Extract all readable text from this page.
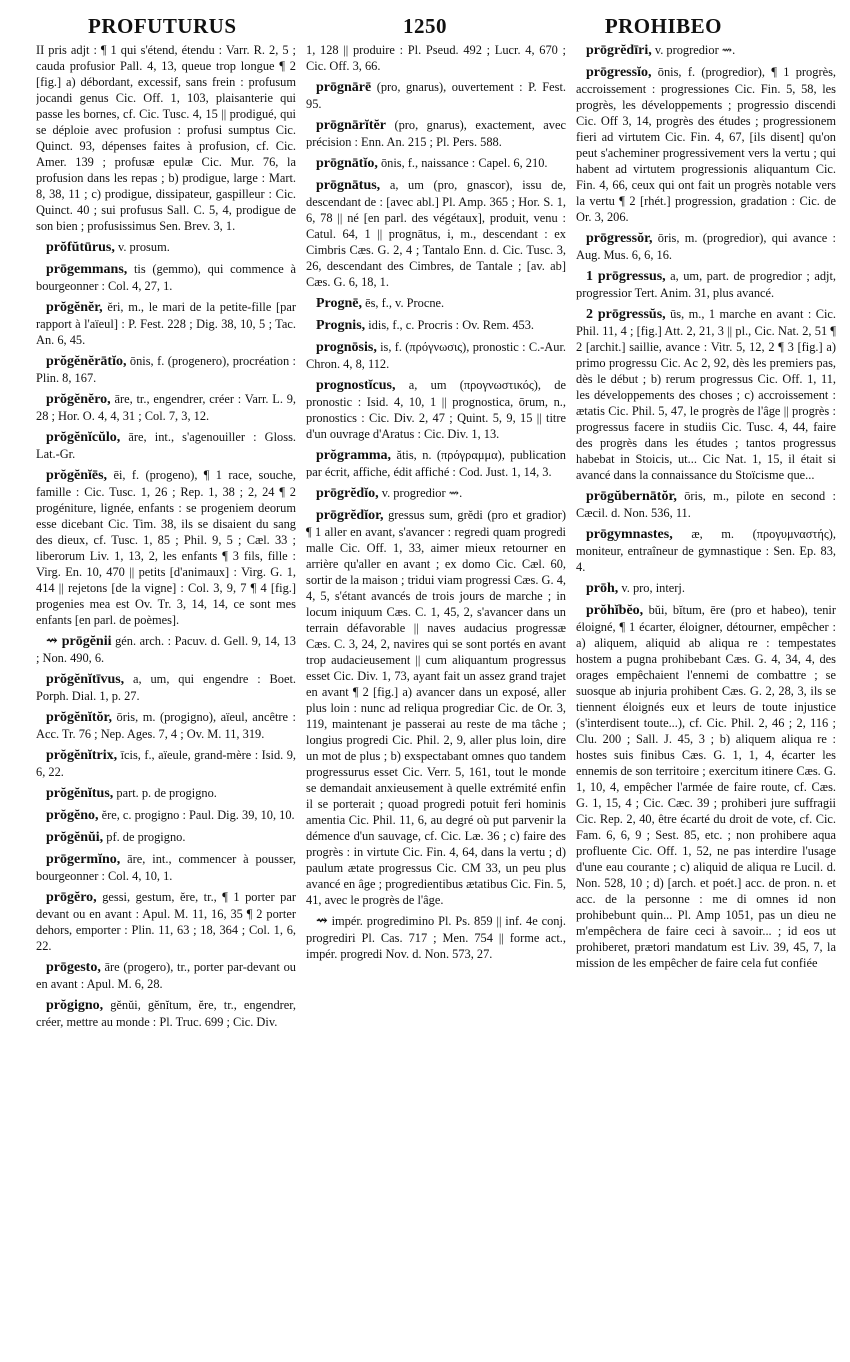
PROFUTURUS	1250	PROHIBEO

II pris adjt : ¶ 1 qui s'étend, étendu : Varr. R. 2, 5 ; cauda profusior Pall. 4, 13, queue trop longue ¶ 2 [fig.] a) débordant, excessif, sans frein : profusum jocandi genus Cic. Off. 1, 103, plaisanterie qui passe les bornes, cf. Cic. Tusc. 4, 15 || prodigué, qui se déploie avec profusion : profusi sumptus Cic. Quinct. 93, dépenses faites à profusion, cf. Cic. Amer. 139 ; profusæ epulæ Cic. Mur. 76, la profusion dans les repas ; b) prodigue, large : Mart. 8, 38, 11 ; c) prodigue, dissipateur, gaspilleur : Cic. Quinct. 40 ; sui profusus Sall. C. 5, 4, prodigue de son bien ; profusissimus Sen. Brev. 3, 1.

prŏfŭtūrus, v. prosum.

prōgemmans, tis (gemmo), qui commence à bourgeonner : Col. 4, 27, 1.

prŏgĕnĕr, ĕri, m., le mari de la petite-fille [par rapport à l'aïeul] : P. Fest. 228 ; Dig. 38, 10, 5 ; Tac. An. 6, 45.

prŏgĕnĕrātĭo, ōnis, f. (progenero), procréation : Plin. 8, 167.

prŏgĕnĕro, āre, tr., engendrer, créer : Varr. L. 9, 28 ; Hor. O. 4, 4, 31 ; Col. 7, 3, 12.

prŏgĕnĭcŭlo, āre, int., s'agenouiller : Gloss. Lat.-Gr.

prŏgĕnĭēs, ēi, f. (progeno), ¶ 1 race, souche, famille : Cic. Tusc. 1, 26 ; Rep. 1, 38 ; 2, 24 ¶ 2 progéniture, lignée, enfants : se progeniem deorum esse dicebant Cic. Tim. 38, ils se disaient du sang des dieux, cf. Tusc. 1, 85 ; Phil. 9, 5 ; Cæl. 33 ; liberorum Liv. 1, 13, 2, les enfants ¶ 3 fils, fille : Virg. En. 10, 470 || petits [d'animaux] : Virg. G. 1, 414 || rejetons [de la vigne] : Col. 3, 9, 7 ¶ 4 [fig.] progenies mea est Ov. Tr. 3, 14, 14, ce sont mes enfants [en parl. de poèmes].

⇝ prōgĕnii gén. arch. : Pacuv. d. Gell. 9, 14, 13 ; Non. 490, 6.

prŏgĕnĭtīvus, a, um, qui engendre : Boet. Porph. Dial. 1, p. 27.

prŏgĕnĭtŏr, ōris, m. (progigno), aïeul, ancêtre : Acc. Tr. 76 ; Nep. Ages. 7, 4 ; Ov. M. 11, 319.

prŏgĕnĭtrix, īcis, f., aïeule, grand-mère : Isid. 9, 6, 22.

prŏgĕnĭtus, part. p. de progigno.

prŏgĕno, ĕre, c. progigno : Paul. Dig. 39, 10, 10.

prŏgĕnŭi, pf. de progigno.

prōgermĭno, āre, int., commencer à pousser, bourgeonner : Col. 4, 10, 1.

prōgĕro, gessi, gestum, ĕre, tr., ¶ 1 porter par devant ou en avant : Apul. M. 11, 16, 35 ¶ 2 porter dehors, emporter : Plin. 11, 63 ; 18, 364 ; Col. 1, 6, 22.

prōgesto, āre (progero), tr., porter par-devant ou en avant : Apul. M. 6, 28.

prŏgigno, gĕnŭi, gĕnĭtum, ĕre, tr., engendrer, créer, mettre au monde : Pl. Truc. 699 ; Cic. Div.

1, 128 || produire : Pl. Pseud. 492 ; Lucr. 4, 670 ; Cic. Off. 3, 66.

prōgnārē (pro, gnarus), ouvertement : P. Fest. 95.

prōgnārĭtĕr (pro, gnarus), exactement, avec précision : Enn. An. 215 ; Pl. Pers. 588.

prōgnātĭo, ōnis, f., naissance : Capel. 6, 210.

prōgnātus, a, um (pro, gnascor), issu de, descendant de : [avec abl.] Pl. Amp. 365 ; Hor. S. 1, 6, 78 || né [en parl. des végétaux], produit, venu : Catul. 64, 1 || prognātus, i, m., descendant : ex Cimbris Cæs. G. 2, 4 ; Tantalo Enn. d. Cic. Tusc. 3, 26, descendant des Cimbres, de Tantale ; [av. ab] Cæs. G. 6, 18, 1.

Prognē, ēs, f., v. Procne.

Prognis, idis, f., c. Procris : Ov. Rem. 453.

prognōsis, is, f. (πρόγνωσις), pronostic : C.-Aur. Chron. 4, 8, 112.

prognostĭcus, a, um (προγνωστικός), de pronostic : Isid. 4, 10, 1 || prognostica, ōrum, n., pronostics : Cic. Div. 2, 47 ; Quint. 5, 9, 15 || titre d'un ouvrage d'Aratus : Cic. Div. 1, 13.

prŏgramma, ătis, n. (πρόγραμμα), publication par écrit, affiche, édit affiché : Cod. Just. 1, 14, 3.

prōgrĕdĭo, v. progredior ⇝.

prōgrĕdĭor, gressus sum, grĕdi (pro et gradior) ¶ 1 aller en avant, s'avancer : regredi quam progredi malle Cic. Off. 1, 33, aimer mieux retourner en arrière qu'aller en avant ; ex domo Cic. Cæl. 60, sortir de la maison ; tridui viam progressi Cæs. G. 4, 4, 5, s'étant avancés de trois jours de marche ; in locum iniquum Cæs. C. 1, 45, 2, s'avancer dans un terrain défavorable || naves audacius progressæ Cæs. C. 3, 24, 2, navires qui se sont portés en avant trop audacieusement || cum aliquantum progressus esset Cic. Div. 1, 73, ayant fait un assez grand trajet en avant ¶ 2 [fig.] a) avancer dans un exposé, aller plus loin : nunc ad reliqua progrediar Cic. de Or. 3, 119, maintenant je passerai au reste de ma tâche ; longius progredi Cic. Phil. 2, 9, aller plus loin, dire un mot de plus ; b) exspectabant omnes quo tandem progressurus esset Cic. Verr. 5, 161, tout le monde se demandait anxieusement à quelle extrémité enfin il se porterait ; quoad progredi potuit feri hominis amentia Cic. Phil. 11, 6, au degré où put parvenir la démence d'un sauvage, cf. Cic. Læ. 36 ; c) faire des progrès : in virtute Cic. Fin. 4, 64, dans la vertu ; d) paulum ætate progressus Cic. CM 33, un peu plus avancé en âge ; progredientibus ætatibus Cic. Fin. 5, 41, avec le progrès de l'âge.

⇝ impér. progredimino Pl. Ps. 859 || inf. 4e conj. progrediri Pl. Cas. 717 ; Men. 754 || forme act., impér. progredi Nov. d. Non. 573, 27.

prōgrĕdīri, v. progredior ⇝.

prōgressĭo, ōnis, f. (progredior), ¶ 1 progrès, accroissement : progressiones Cic. Fin. 5, 58, les progrès, les développements ; progressio discendi Cic. Off 3, 14, progrès des études ; progressionem fieri ad virtutem Cic. Fin. 4, 67, [ils disent] qu'on peut s'acheminer progressivement vers la vertu ; qui habent ad virtutem progressionis aliquantum Cic. Fin. 4, 66, ceux qui ont fait un progrès notable vers la vertu ¶ 2 [rhét.] progression, gradation : Cic. de Or. 3, 206.

prōgressŏr, ōris, m. (progredior), qui avance : Aug. Mus. 6, 6, 16.

1 prōgressus, a, um, part. de progredior ; adjt, progressior Tert. Anim. 31, plus avancé.

2 prōgressŭs, ūs, m., 1 marche en avant : Cic. Phil. 11, 4 ; [fig.] Att. 2, 21, 3 || pl., Cic. Nat. 2, 51 ¶ 2 [archit.] saillie, avance : Vitr. 5, 12, 2 ¶ 3 [fig.] a) primo progressu Cic. Ac 2, 92, dès les premiers pas, dès le début ; b) rerum progressus Cic. Off. 1, 11, les développements des choses ; c) accroissement : ætatis Cic. Phil. 5, 47, le progrès de l'âge || progrès : progressus facere in studiis Cic. Tusc. 4, 44, faire des progrès dans les études ; tantos progressus habebat in Stoicis, ut... Cic Nat. 1, 15, il était si avancé dans la connaissance du Stoïcisme que...

prōgŭbernātŏr, ōris, m., pilote en second : Cæcil. d. Non. 536, 11.

prōgymnastes, æ, m. (προγυμναστής), moniteur, entraîneur de gymnastique : Sen. Ep. 83, 4.

prōh, v. pro, interj.

prŏhĭbĕo, bŭi, bĭtum, ēre (pro et habeo), tenir éloigné, ¶ 1 écarter, éloigner, détourner, empêcher : a) aliquem, aliquid ab aliqua re : tempestates hostem a pugna prohibebant Cæs. G. 4, 34, 4, des orages empêchaient l'ennemi de combattre ; se suosque ab injuria prohibent Cæs. G. 2, 28, 3, ils se tiennent éloignés eux et leurs de toute injustice (s'interdisent toute...), cf. Cic. Phil. 2, 46 ; 2, 116 ; Clu. 200 ; Sall. J. 45, 3 ; b) aliquem aliqua re : hostes suis finibus Cæs. G. 1, 1, 4, écarter les ennemis de son territoire ; exercitum itinere Cæs. G. 1, 10, 4, empêcher l'armée de faire route, cf. Cæs. G. 1, 15, 4 ; Cic. Cæc. 39 ; prohiberi jure suffragii Cic. Rep. 2, 40, être écarté du droit de vote, cf. Cic. Fam. 6, 6, 9 ; Sest. 85, etc. ; non prohibere aqua profluente Cic. Off. 1, 52, ne pas interdire l'usage d'une eau courante ; c) aliquid de aliqua re Lucil. d. Non. 528, 10 ; d) [arch. et poét.] acc. de pron. n. et acc. de la personne : me di omnes id non prohibebunt quin... Pl. Amp 1051, pas un dieu ne m'empêchera de faire ceci à savoir... ; id eos ut prohiberet, prætori mandatum est Liv. 39, 45, 7, la mission de les empêcher de faire cela fut confiée
